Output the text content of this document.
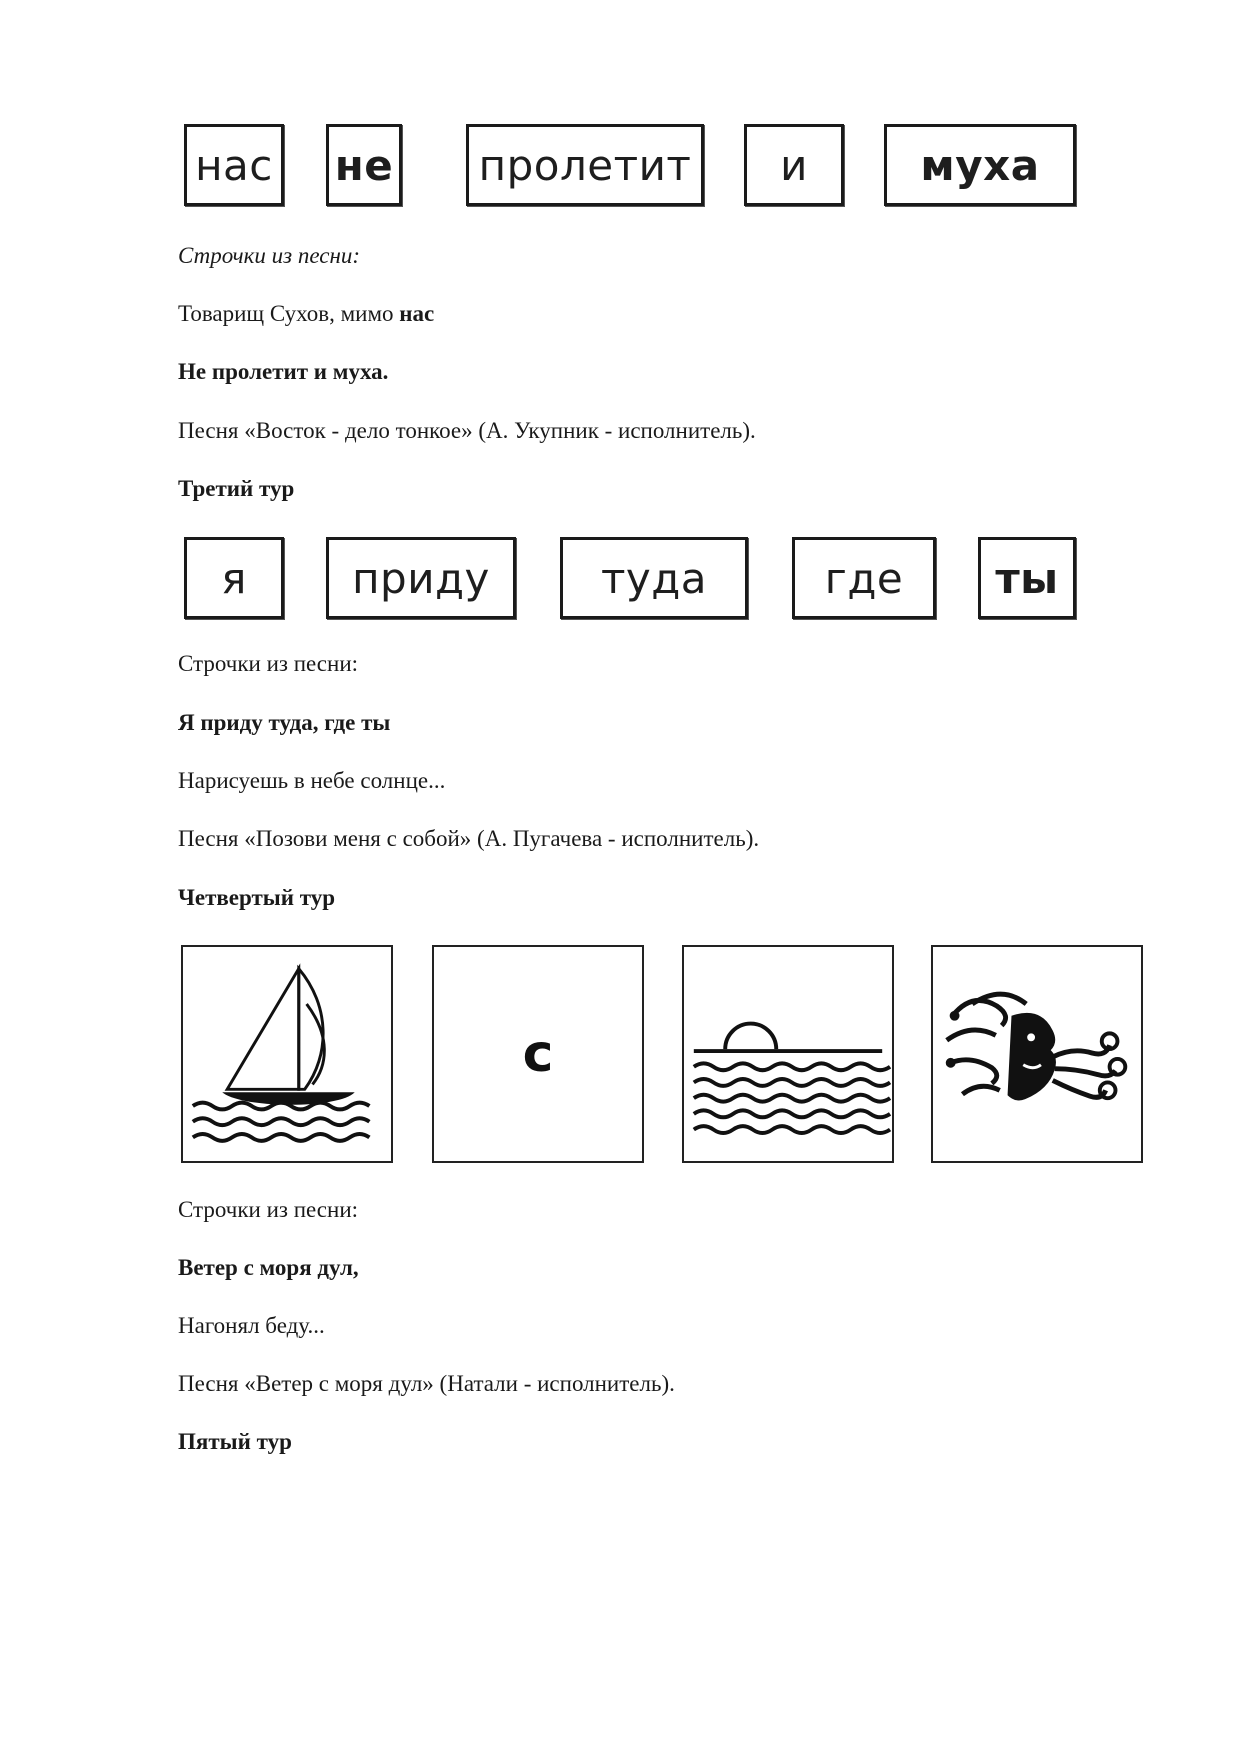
нас не	пролетит	и	муха
Строчки из песни:
Товарищ Сухов, мимо нас
Не пролетит и муха.
Песня «Восток - дело тонкое» (А. Укупник - исполнитель).
Третий тур
я	приду	туда	где	ты
Строчки из песни:
Я приду туда, где ты
Нарисуешь в небе солнце...
Песня «Позови меня с собой» (А. Пугачева - исполнитель).
Четвертый тур
с
Строчки из песни:
Ветер с моря дул,
Нагонял беду...
Песня «Ветер с моря дул» (Натали - исполнитель).
Пятый тур
